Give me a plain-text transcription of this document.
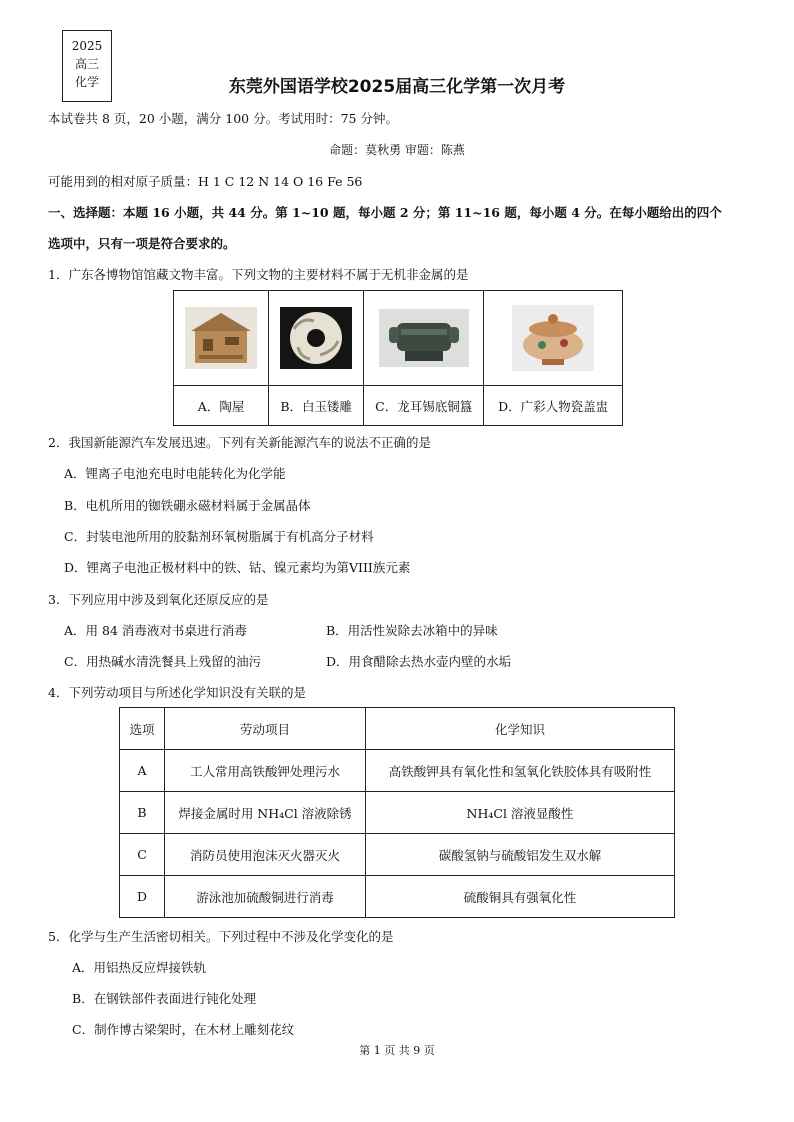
2025
高三
化学	东莞外国语学校2025届高三化学第一次月考
本试卷共 8 页，20 小题，满分 100 分。考试用时：75 分钟。
命题：莫秋勇 审题：陈燕
可能用到的相对原子质量：H 1 C 12 N 14 O 16 Fe 56
一、选择题：本题 16 小题，共 44 分。第 1~10 题，每小题 2 分；第 11~16 题，每小题 4 分。在每小题给出的四个
选项中，只有一项是符合要求的。
1．广东各博物馆馆藏文物丰富。下列文物的主要材料不属于无机非金属的是

A．陶屋	B．白玉镂雕	C．龙耳锡底铜簋	D．广彩人物瓷盖盅
2．我国新能源汽车发展迅速。下列有关新能源汽车的说法不正确的是
A．锂离子电池充电时电能转化为化学能
B．电机所用的铷铁硼永磁材料属于金属晶体
C．封装电池所用的胶黏剂环氧树脂属于有机高分子材料
D．锂离子电池正极材料中的铁、钴、镍元素均为第VIII族元素
3．下列应用中涉及到氧化还原反应的是
A．用 84 消毒液对书桌进行消毒	B．用活性炭除去冰箱中的异味
C．用热碱水清洗餐具上残留的油污	D．用食醋除去热水壶内壁的水垢
4．下列劳动项目与所述化学知识没有关联的是
选项	劳动项目	化学知识
A	工人常用高铁酸钾处理污水	高铁酸钾具有氧化性和氢氧化铁胶体具有吸附性
B	焊接金属时用 NH₄Cl 溶液除锈	NH₄Cl 溶液显酸性
C	消防员使用泡沫灭火器灭火	碳酸氢钠与硫酸铝发生双水解
D	游泳池加硫酸铜进行消毒	硫酸铜具有强氧化性
5．化学与生产生活密切相关。下列过程中不涉及化学变化的是
A．用铝热反应焊接铁轨
B．在钢铁部件表面进行钝化处理
C．制作博古梁架时，在木材上雕刻花纹
第 1 页 共 9 页
